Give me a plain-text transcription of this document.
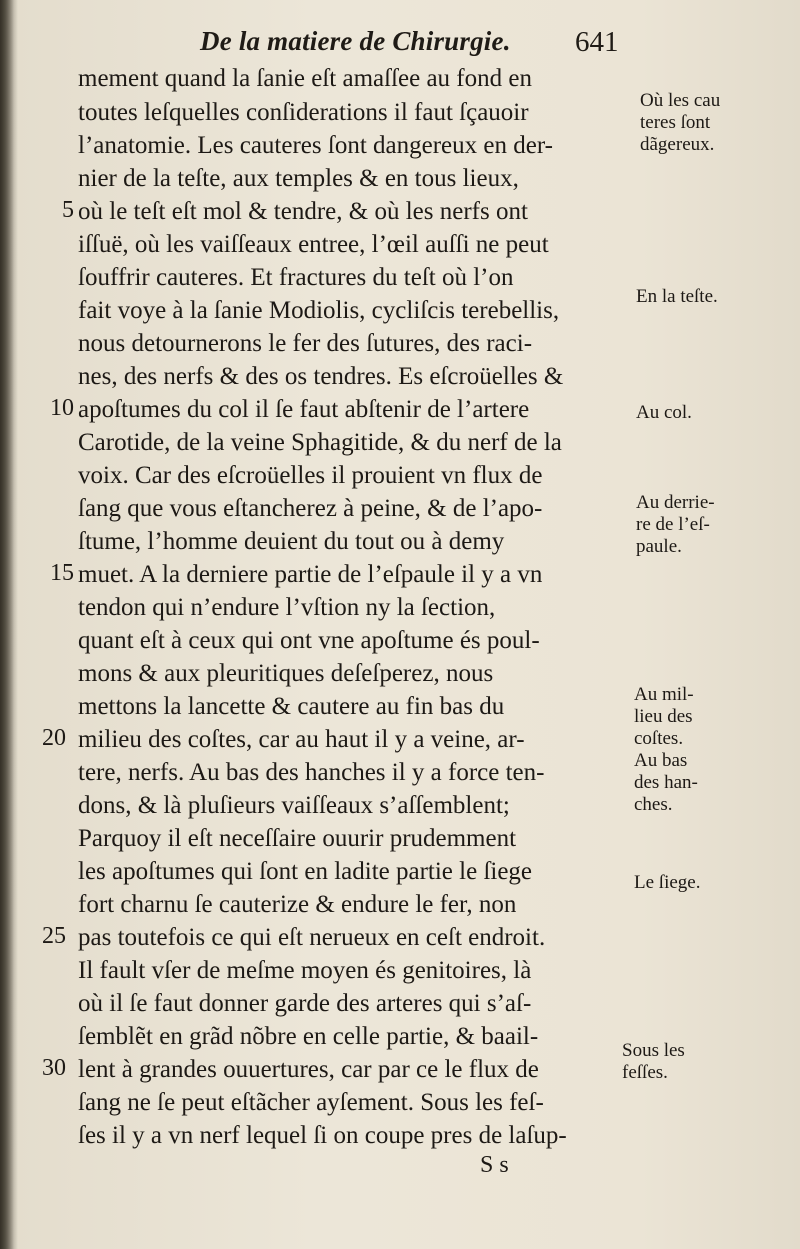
De la matiere de Chirurgie. 641
mement quand la ſanie eſt amaſſee au fond en
toutes leſquelles conſiderations il faut ſçauoir
l’anatomie. Les cauteres ſont dangereux en der-
nier de la teſte, aux temples & en tous lieux,
où le teſt eſt mol & tendre, & où les nerfs ont
iſſuë, où les vaiſſeaux entree, l’œil auſſi ne peut
ſouffrir cauteres. Et fractures du teſt où l’on
fait voye à la ſanie Modiolis, cycliſcis terebellis,
nous detournerons le fer des ſutures, des raci-
nes, des nerfs & des os tendres. Es eſcroüelles &
apoſtumes du col il ſe faut abſtenir de l’artere
Carotide, de la veine Sphagitide, & du nerf de la
voix. Car des eſcroüelles il prouient vn flux de
ſang que vous eſtancherez à peine, & de l’apo-
ſtume, l’homme deuient du tout ou à demy
muet. A la derniere partie de l’eſpaule il y a vn
tendon qui n’endure l’vſtion ny la ſection,
quant eſt à ceux qui ont vne apoſtume és poul-
mons & aux pleuritiques deſeſperez, nous
mettons la lancette & cautere au fin bas du
milieu des coſtes, car au haut il y a veine, ar-
tere, nerfs. Au bas des hanches il y a force ten-
dons, & là pluſieurs vaiſſeaux s’aſſemblent;
Parquoy il eſt neceſſaire ouurir prudemment
les apoſtumes qui ſont en ladite partie le ſiege
fort charnu ſe cauterize & endure le fer, non
pas toutefois ce qui eſt nerueux en ceſt endroit.
Il fault vſer de meſme moyen és genitoires, là
où il ſe faut donner garde des arteres qui s’aſ-
ſemblẽt en grãd nõbre en celle partie, & baail-
lent à grandes ouuertures, car par ce le flux de
ſang ne ſe peut eſtãcher ayſement. Sous les feſ-
ſes il y a vn nerf lequel ſi on coupe pres de laſup-
5
10
15
20
25
30
Où les cau
teres ſont
dãgereux.
En la teſte.
Au col.
Au derrie-
re de l’eſ-
paule.
Au mil-
lieu des
coſtes.
Au bas
des han-
ches.
Le ſiege.
Sous les
feſſes.
S s
